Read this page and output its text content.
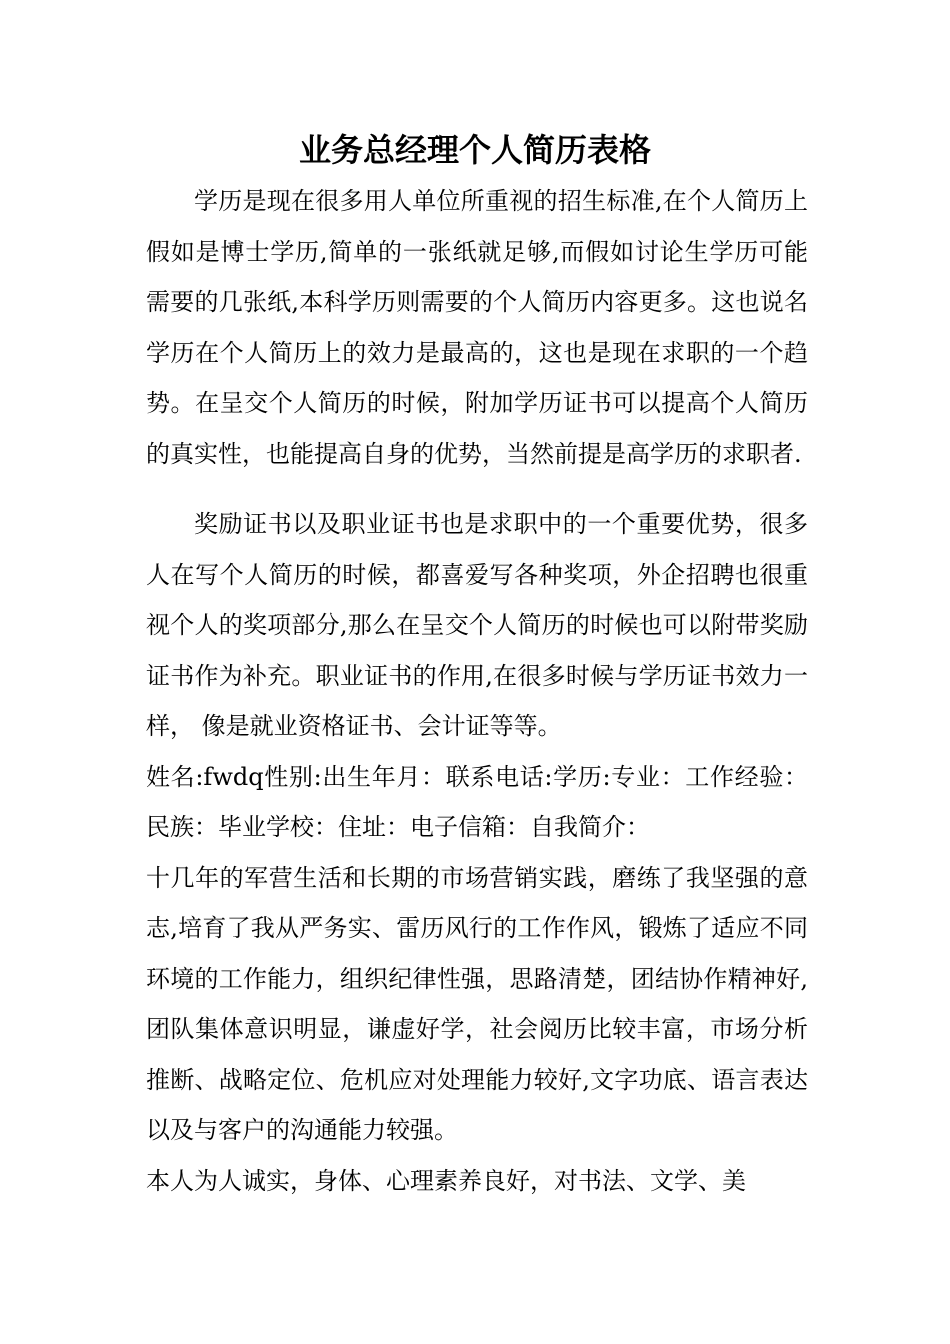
业务总经理个人简历表格

学历是现在很多用人单位所重视的招生标准,在个人简历上假如是博士学历,简单的一张纸就足够,而假如讨论生学历可能需要的几张纸,本科学历则需要的个人简历内容更多。这也说名学历在个人简历上的效力是最高的，这也是现在求职的一个趋势。在呈交个人简历的时候，附加学历证书可以提高个人简历的真实性，也能提高自身的优势，当然前提是高学历的求职者.

奖励证书以及职业证书也是求职中的一个重要优势，很多人在写个人简历的时候，都喜爱写各种奖项，外企招聘也很重视个人的奖项部分,那么在呈交个人简历的时候也可以附带奖励证书作为补充。职业证书的作用,在很多时候与学历证书效力一样， 像是就业资格证书、会计证等等。

姓名:fwdq性别:出生年月：联系电话:学历:专业：工作经验：民族：毕业学校：住址：电子信箱：自我简介：

十几年的军营生活和长期的市场营销实践，磨练了我坚强的意志,培育了我从严务实、雷历风行的工作作风，锻炼了适应不同环境的工作能力，组织纪律性强，思路清楚，团结协作精神好,团队集体意识明显，谦虚好学，社会阅历比较丰富，市场分析推断、战略定位、危机应对处理能力较好,文字功底、语言表达以及与客户的沟通能力较强。

本人为人诚实，身体、心理素养良好，对书法、文学、美
